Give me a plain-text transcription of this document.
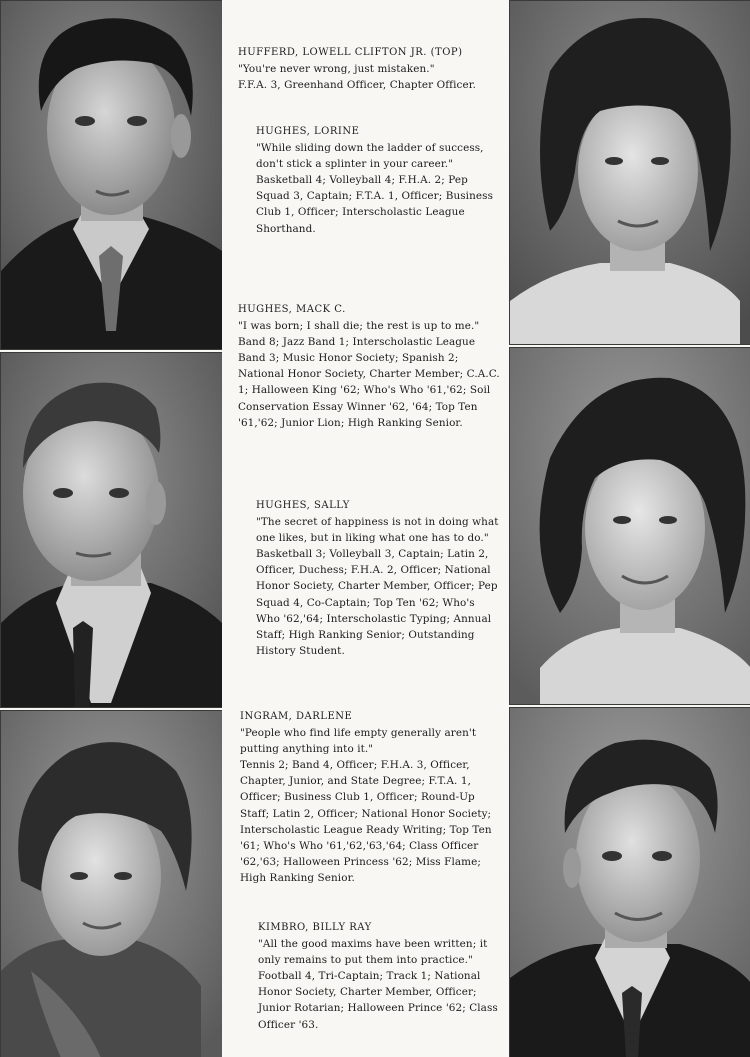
HUFFERD, LOWELL CLIFTON JR. (TOP)
"You're never wrong, just mistaken."
F.F.A. 3, Greenhand Officer, Chapter Officer.
HUGHES, LORINE
"While sliding down the ladder of success, don't stick a splinter in your career."
Basketball 4; Volleyball 4; F.H.A. 2; Pep Squad 3, Captain; F.T.A. 1, Officer; Business Club 1, Officer; Interscholastic League Shorthand.
HUGHES, MACK C.
"I was born; I shall die; the rest is up to me."
Band 8; Jazz Band 1; Interscholastic League Band 3; Music Honor Society; Spanish 2; National Honor Society, Charter Member; C.A.C. 1; Halloween King '62; Who's Who '61,'62; Soil Conservation Essay Winner '62, '64; Top Ten '61,'62; Junior Lion; High Ranking Senior.
HUGHES, SALLY
"The secret of happiness is not in doing what one likes, but in liking what one has to do."
Basketball 3; Volleyball 3, Captain; Latin 2, Officer, Duchess; F.H.A. 2, Officer; National Honor Society, Charter Member, Officer; Pep Squad 4, Co-Captain; Top Ten '62; Who's Who '62,'64; Interscholastic Typing; Annual Staff; High Ranking Senior; Outstanding History Student.
INGRAM, DARLENE
"People who find life empty generally aren't putting anything into it."
Tennis 2; Band 4, Officer; F.H.A. 3, Officer, Chapter, Junior, and State Degree; F.T.A. 1, Officer; Business Club 1, Officer; Round-Up Staff; Latin 2, Officer; National Honor Society; Interscholastic League Ready Writing; Top Ten '61; Who's Who '61,'62,'63,'64; Class Officer '62,'63; Halloween Princess '62; Miss Flame; High Ranking Senior.
KIMBRO, BILLY RAY
"All the good maxims have been written; it only remains to put them into practice."
Football 4, Tri-Captain; Track 1; National Honor Society, Charter Member, Officer; Junior Rotarian; Halloween Prince '62; Class Officer '63.
